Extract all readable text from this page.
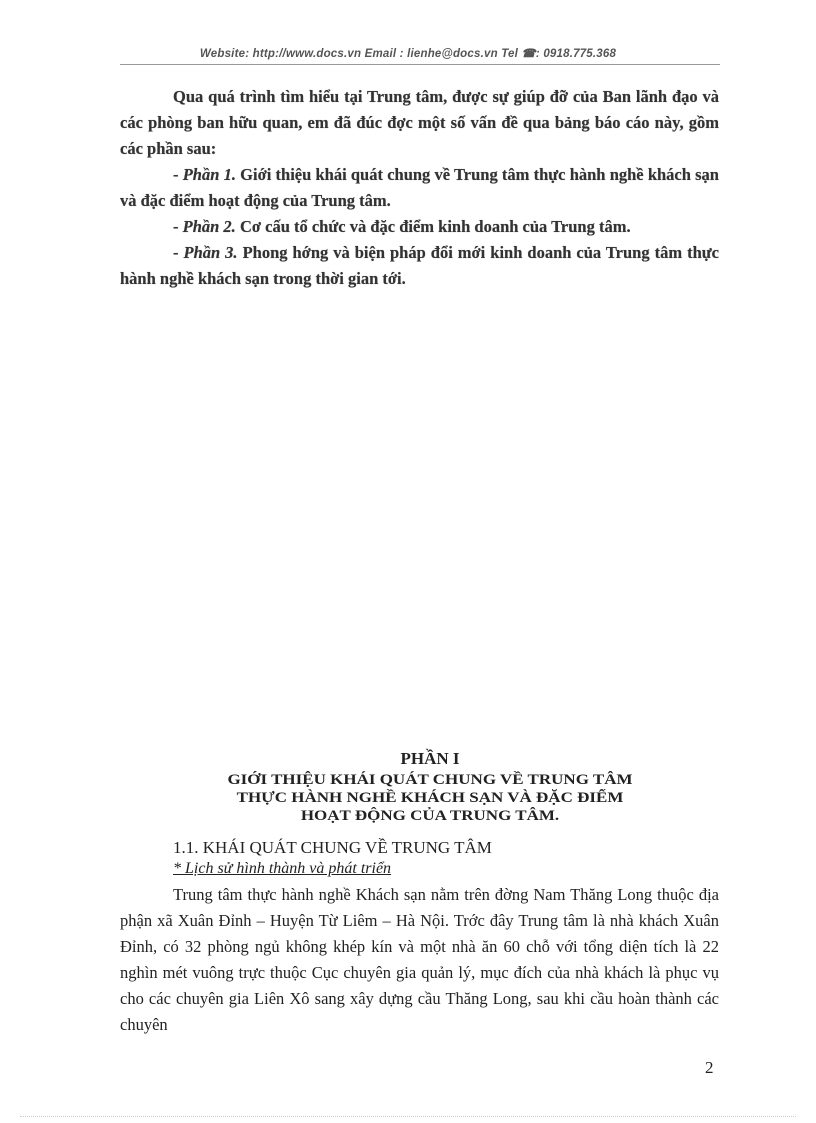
Website: http://www.docs.vn Email : lienhe@docs.vn Tel ☎: 0918.775.368
Qua quá trình tìm hiểu tại Trung tâm, được sự giúp đỡ của Ban lãnh đạo và các phòng ban hữu quan, em đã đúc đợc một số vấn đề qua bảng báo cáo này, gồm các phần sau:
- Phần 1. Giới thiệu khái quát chung về Trung tâm thực hành nghề khách sạn và đặc điểm hoạt động của Trung tâm.
- Phần 2. Cơ cấu tổ chức và đặc điểm kinh doanh của Trung tâm.
- Phần 3. Phong hớng và biện pháp đổi mới kinh doanh của Trung tâm thực hành nghề khách sạn trong thời gian tới.
PHẦN I
GIỚI THIỆU KHÁI QUÁT CHUNG VỀ TRUNG TÂM
THỰC HÀNH NGHỀ KHÁCH SẠN VÀ ĐẶC ĐIỂM
HOẠT ĐỘNG CỦA TRUNG TÂM.
1.1. KHÁI QUÁT CHUNG VỀ TRUNG TÂM
* Lịch sử hình thành và phát triển
Trung tâm thực hành nghề Khách sạn nằm trên đờng Nam Thăng Long thuộc địa phận xã Xuân Đỉnh – Huyện Từ Liêm – Hà Nội. Trớc đây Trung tâm là nhà khách Xuân Đỉnh, có 32 phòng ngủ không khép kín và một nhà ăn 60 chỗ với tổng diện tích là 22 nghìn mét vuông trực thuộc Cục chuyên gia quản lý, mục đích của nhà khách là phục vụ cho các chuyên gia Liên Xô sang xây dựng cầu Thăng Long, sau khi cầu hoàn thành các chuyên
2
